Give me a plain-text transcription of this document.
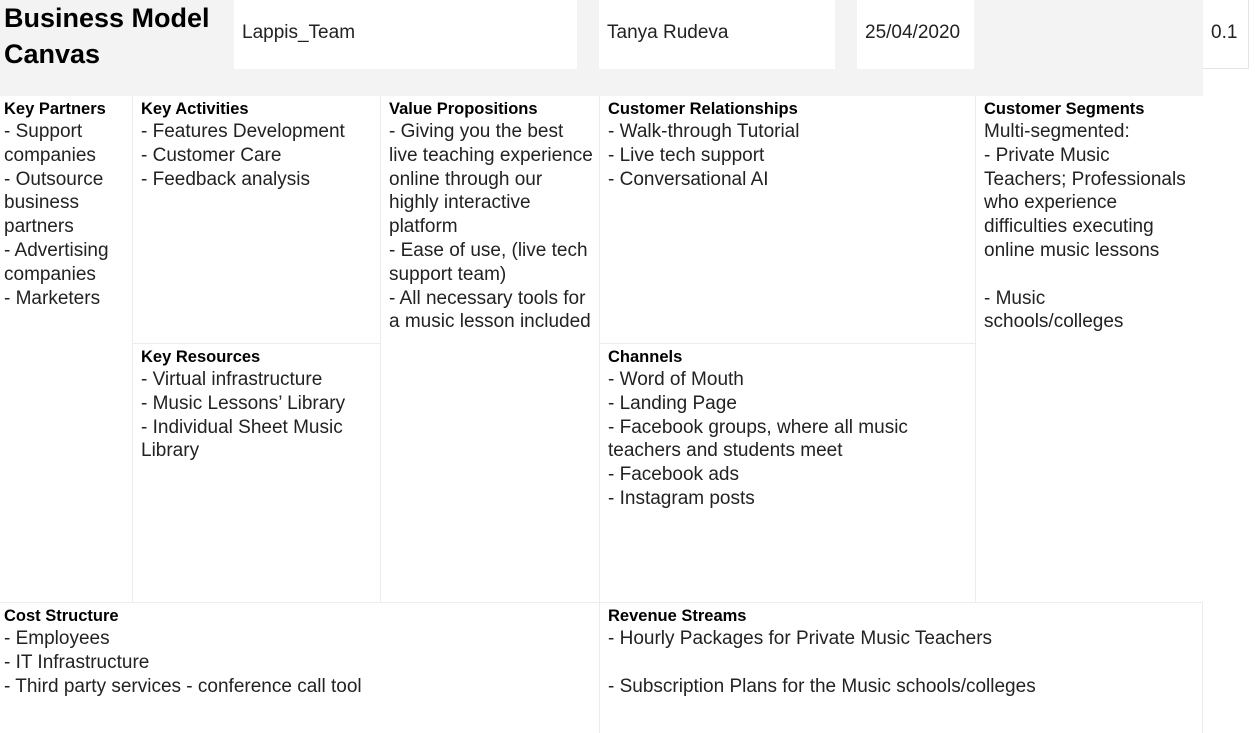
Business Model
Canvas
Lappis_Team	Tanya Rudeva	25/04/2020	0.1
Key Partners
- Support companies
- Outsource business partners
- Advertising companies
- Marketers
Key Activities
- Features Development
- Customer Care
- Feedback analysis
Key Resources
- Virtual infrastructure
- Music Lessons’ Library
- Individual Sheet Music Library
Value Propositions
- Giving you the best live teaching experience online through our highly interactive platform
- Ease of use, (live tech support team)
- All necessary tools for a music lesson included
Customer Relationships
- Walk-through Tutorial
- Live tech support
- Conversational AI
Channels
- Word of Mouth
- Landing Page
- Facebook groups, where all music teachers and students meet
- Facebook ads
- Instagram posts
Customer Segments
Multi-segmented:
- Private Music Teachers; Professionals who experience difficulties executing online music lessons
- Music schools/colleges
Cost Structure
- Employees
- IT Infrastructure
- Third party services - conference call tool
Revenue Streams
- Hourly Packages for Private Music Teachers
- Subscription Plans for the Music schools/colleges
